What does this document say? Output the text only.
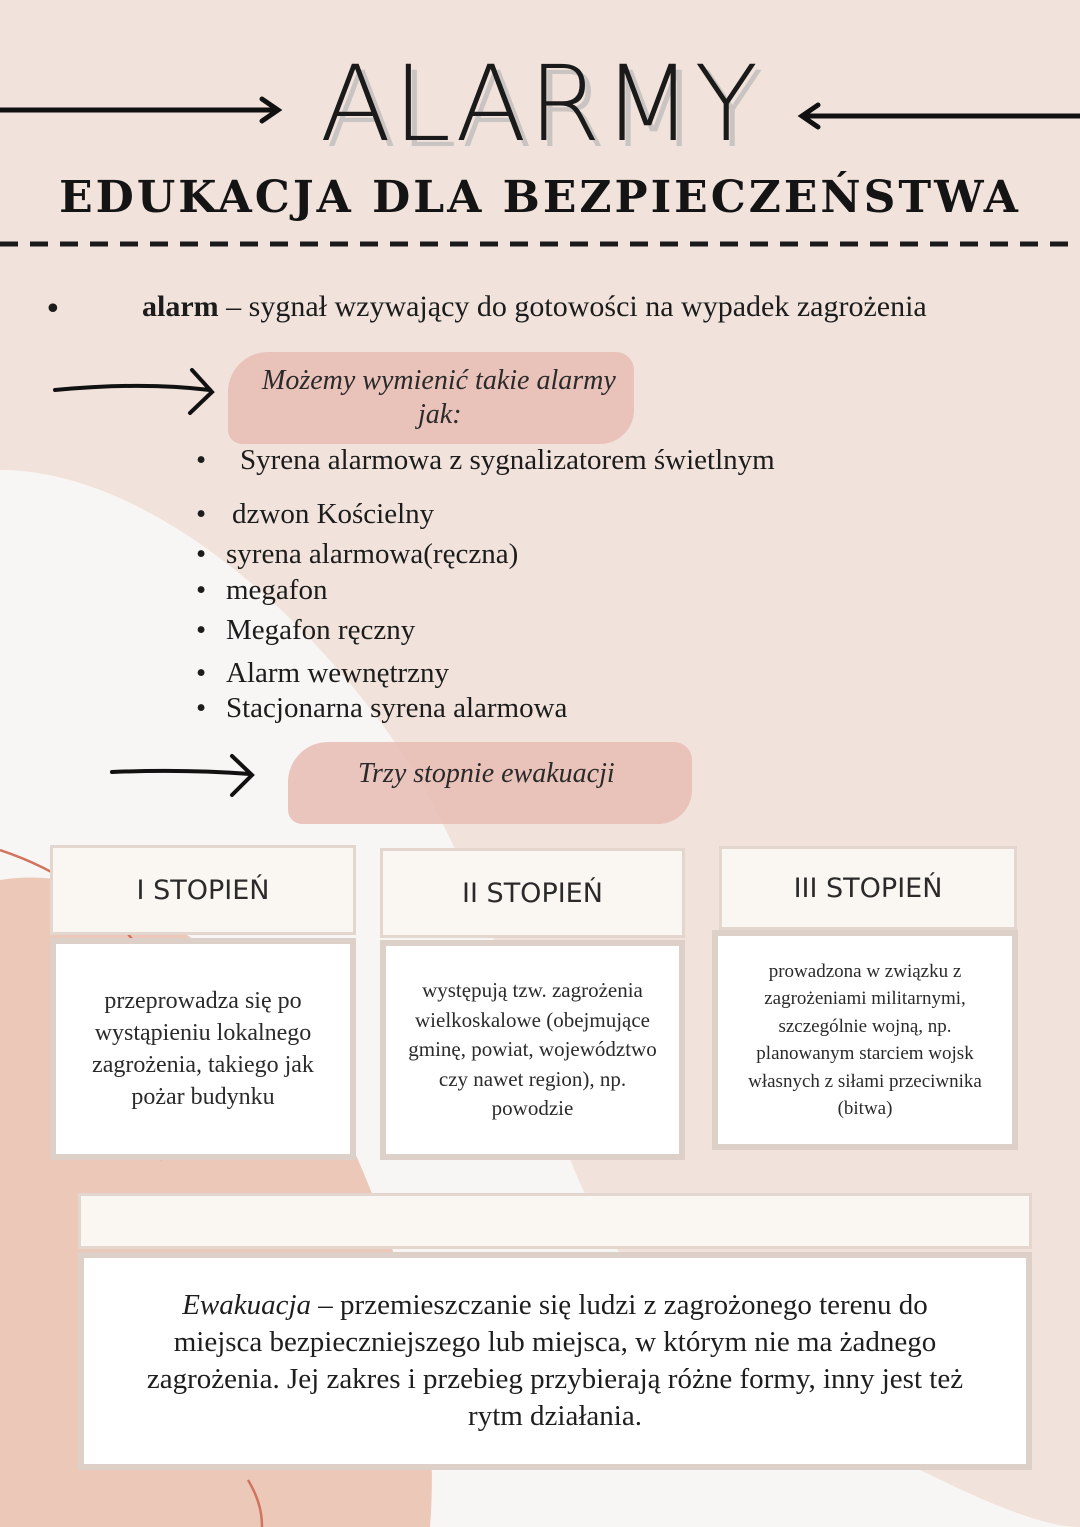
ALARMY
EDUKACJA DLA BEZPIECZEŃSTWA
•	alarm – sygnał wzywający do gotowości na wypadek zagrożenia
Możemy wymienić takie alarmy
jak:
• Syrena alarmowa z sygnalizatorem świetlnym
• dzwon Kościelny
• syrena alarmowa(ręczna)
• megafon
• Megafon ręczny
• Alarm wewnętrzny
• Stacjonarna syrena alarmowa
Trzy stopnie ewakuacji
I STOPIEŃ
przeprowadza się po wystąpieniu lokalnego zagrożenia, takiego jak pożar budynku
II STOPIEŃ
występują tzw. zagrożenia wielkoskalowe (obejmujące gminę, powiat, województwo czy nawet region), np. powodzie
III STOPIEŃ
prowadzona w związku z zagrożeniami militarnymi, szczególnie wojną, np. planowanym starciem wojsk własnych z siłami przeciwnika (bitwa)
Ewakuacja – przemieszczanie się ludzi z zagrożonego terenu do miejsca bezpieczniejszego lub miejsca, w którym nie ma żadnego zagrożenia. Jej zakres i przebieg przybierają różne formy, inny jest też rytm działania.
